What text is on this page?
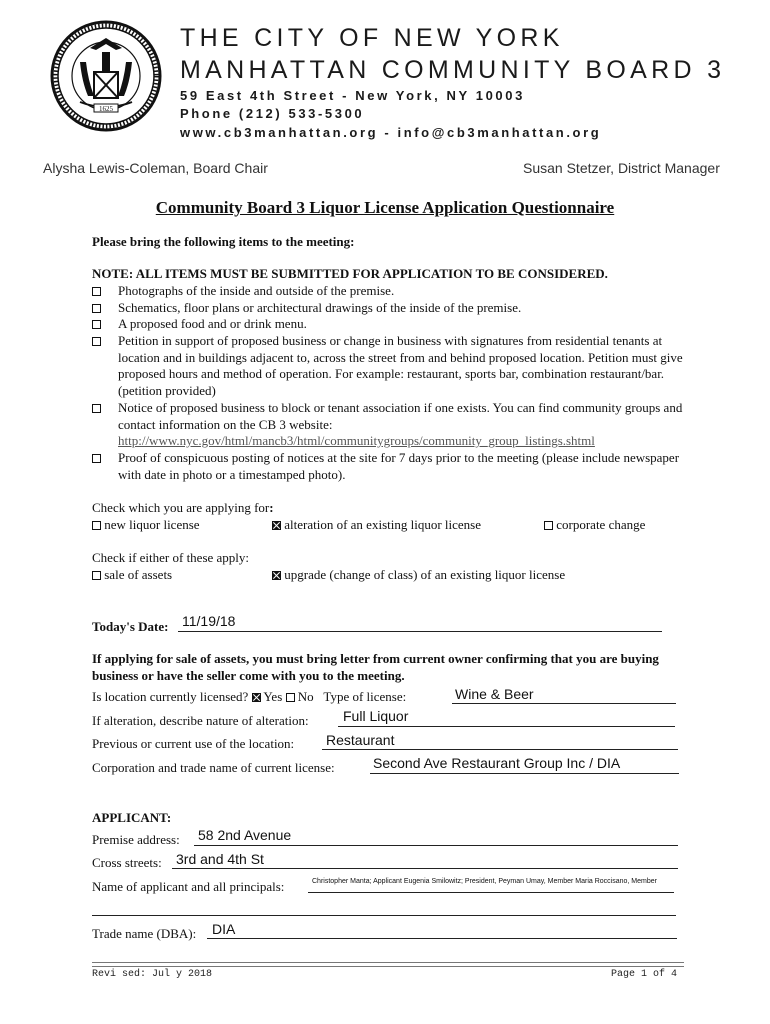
1625
THE CITY OF NEW YORK
MANHATTAN COMMUNITY BOARD 3
59 East 4th Street - New York, NY 10003
Phone (212) 533-5300
www.cb3manhattan.org - info@cb3manhattan.org
Alysha Lewis-Coleman, Board Chair	Susan Stetzer, District Manager
Community Board 3 Liquor License Application Questionnaire
Please bring the following items to the meeting:
NOTE: ALL ITEMS MUST BE SUBMITTED FOR APPLICATION TO BE CONSIDERED.
Photographs of the inside and outside of the premise.
Schematics, floor plans or architectural drawings of the inside of the premise.
A proposed food and or drink menu.
Petition in support of proposed business or change in business with signatures from residential tenants at location and in buildings adjacent to, across the street from and behind proposed location. Petition must give proposed hours and method of operation. For example: restaurant, sports bar, combination restaurant/bar. (petition provided)
Notice of proposed business to block or tenant association if one exists. You can find community groups and contact information on the CB 3 website:
http://www.nyc.gov/html/mancb3/html/communitygroups/community_group_listings.shtml
Proof of conspicuous posting of notices at the site for 7 days prior to the meeting (please include newspaper with date in photo or a timestamped photo).
Check which you are applying for:
new liquor license	alteration of an existing liquor license	corporate change
Check if either of these apply:
sale of assets	upgrade (change of class) of an existing liquor license
Today's Date: 11/19/18
If applying for sale of assets, you must bring letter from current owner confirming that you are buying business or have the seller come with you to the meeting.
Is location currently licensed? Yes No Type of license:	Wine & Beer
If alteration, describe nature of alteration: Full Liquor
Previous or current use of the location: Restaurant
Corporation and trade name of current license:	Second Ave Restaurant Group Inc / DIA
APPLICANT:
Premise address: 58 2nd Avenue
Cross streets: 3rd and 4th St
Name of applicant and all principals:	Christopher Manta; Applicant Eugenia Smilowitz; President, Peyman Umay, Member Maria Roccisano, Member
Trade name (DBA): DIA
Revi sed: Jul y 2018	Page 1 of 4
